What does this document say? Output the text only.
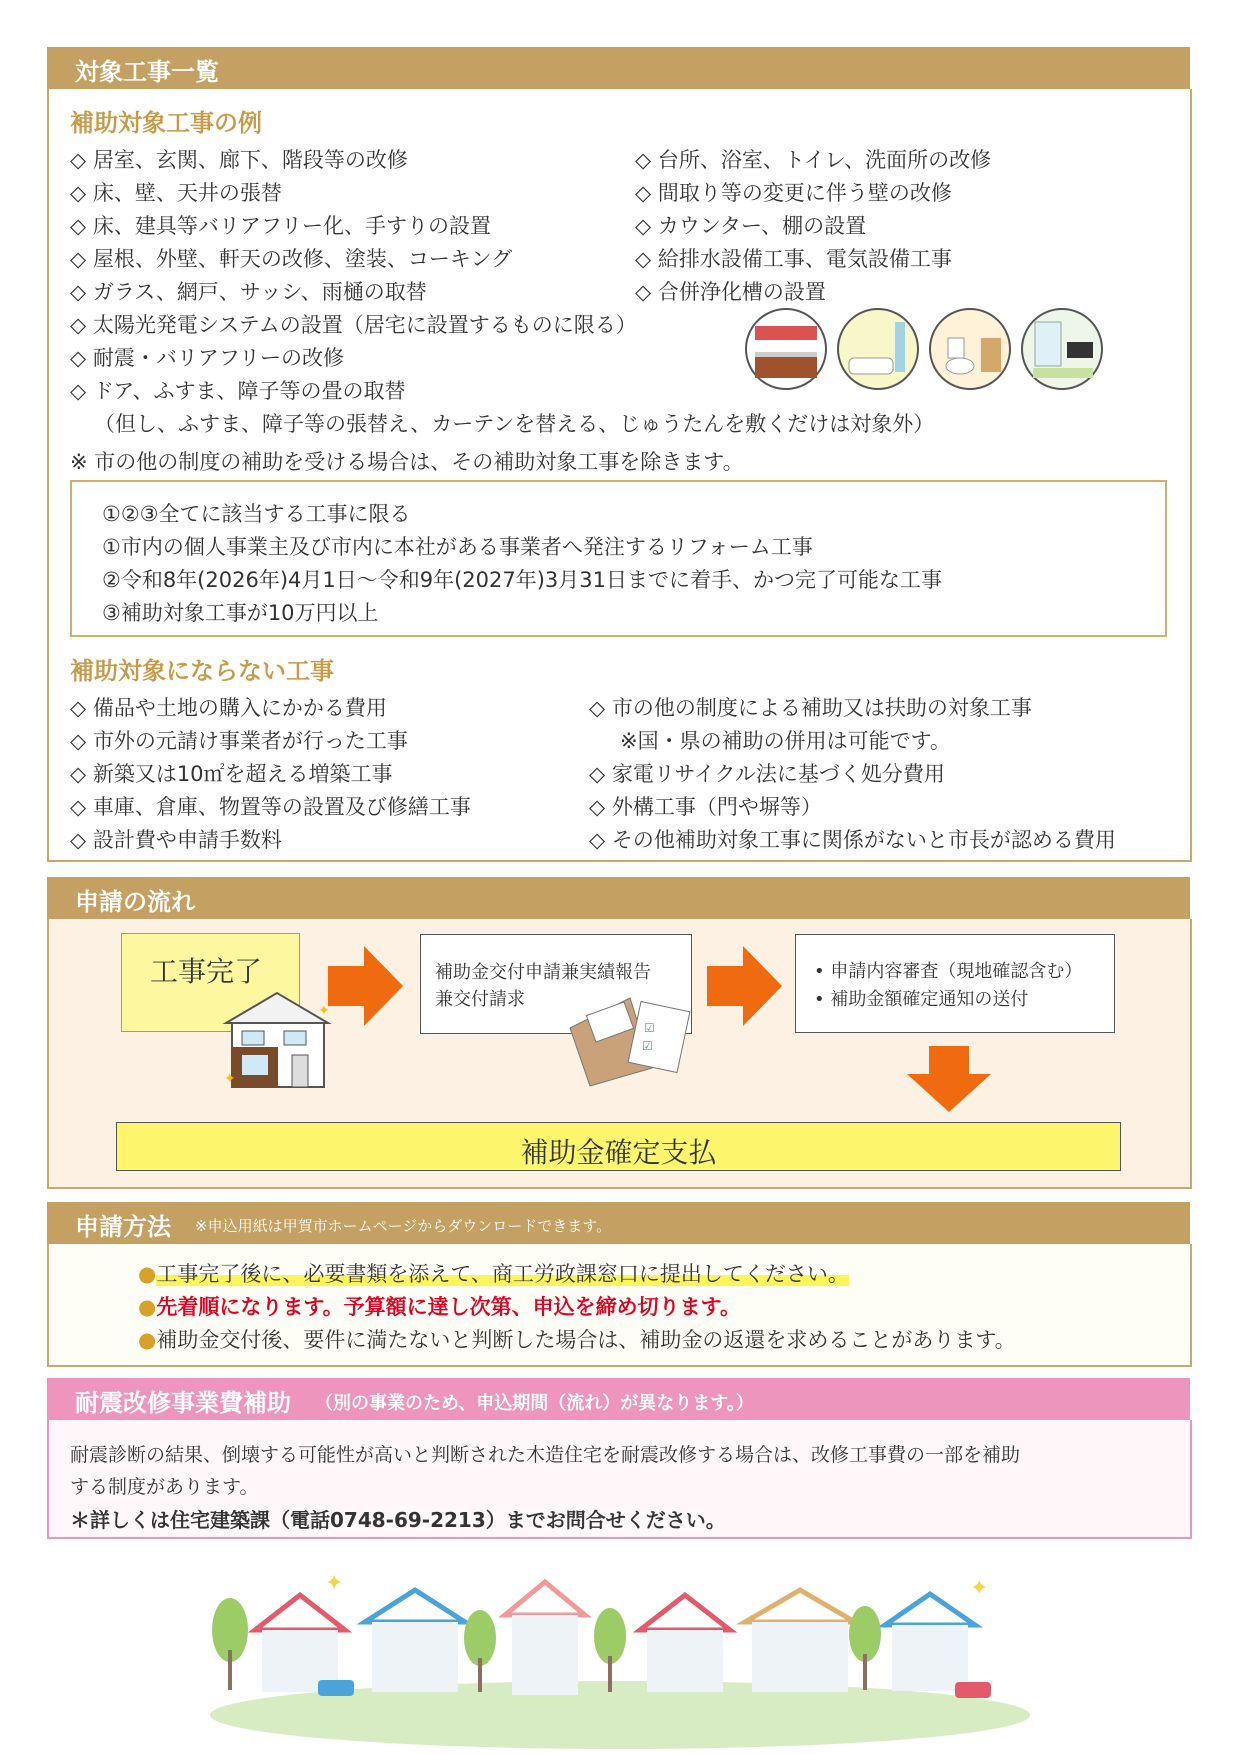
対象工事一覧
補助対象工事の例
◇ 居室、玄関、廊下、階段等の改修
◇ 床、壁、天井の張替
◇ 床、建具等バリアフリー化、手すりの設置
◇ 屋根、外壁、軒天の改修、塗装、コーキング
◇ ガラス、網戸、サッシ、雨樋の取替
◇ 太陽光発電システムの設置（居宅に設置するものに限る）
◇ 耐震・バリアフリーの改修
◇ ドア、ふすま、障子等の畳の取替
（但し、ふすま、障子等の張替え、カーテンを替える、じゅうたんを敷くだけは対象外）
※ 市の他の制度の補助を受ける場合は、その補助対象工事を除きます。
◇ 台所、浴室、トイレ、洗面所の改修
◇ 間取り等の変更に伴う壁の改修
◇ カウンター、棚の設置
◇ 給排水設備工事、電気設備工事
◇ 合併浄化槽の設置
①②③全てに該当する工事に限る
①市内の個人事業主及び市内に本社がある事業者へ発注するリフォーム工事
②令和8年(2026年)4月1日〜令和9年(2027年)3月31日までに着手、かつ完了可能な工事
③補助対象工事が10万円以上
補助対象にならない工事
◇ 備品や土地の購入にかかる費用
◇ 市外の元請け事業者が行った工事
◇ 新築又は10㎡を超える増築工事
◇ 車庫、倉庫、物置等の設置及び修繕工事
◇ 設計費や申請手数料
◇ 市の他の制度による補助又は扶助の対象工事
※国・県の補助の併用は可能です。
◇ 家電リサイクル法に基づく処分費用
◇ 外構工事（門や塀等）
◇ その他補助対象工事に関係がないと市長が認める費用
申請の流れ
工事完了
✦
✦
補助金交付申請兼実績報告
兼交付請求
☑
☑
• 申請内容審査（現地確認含む）
• 補助金額確定通知の送付
補助金確定支払
申請方法 ※申込用紙は甲賀市ホームページからダウンロードできます。
●工事完了後に、必要書類を添えて、商工労政課窓口に提出してください。
●先着順になります。予算額に達し次第、申込を締め切ります。
●補助金交付後、要件に満たないと判断した場合は、補助金の返還を求めることがあります。
耐震改修事業費補助 （別の事業のため、申込期間（流れ）が異なります。）
耐震診断の結果、倒壊する可能性が高いと判断された木造住宅を耐震改修する場合は、改修工事費の一部を補助
する制度があります。
＊詳しくは住宅建築課（電話0748-69-2213）までお問合せください。
✦	✦
